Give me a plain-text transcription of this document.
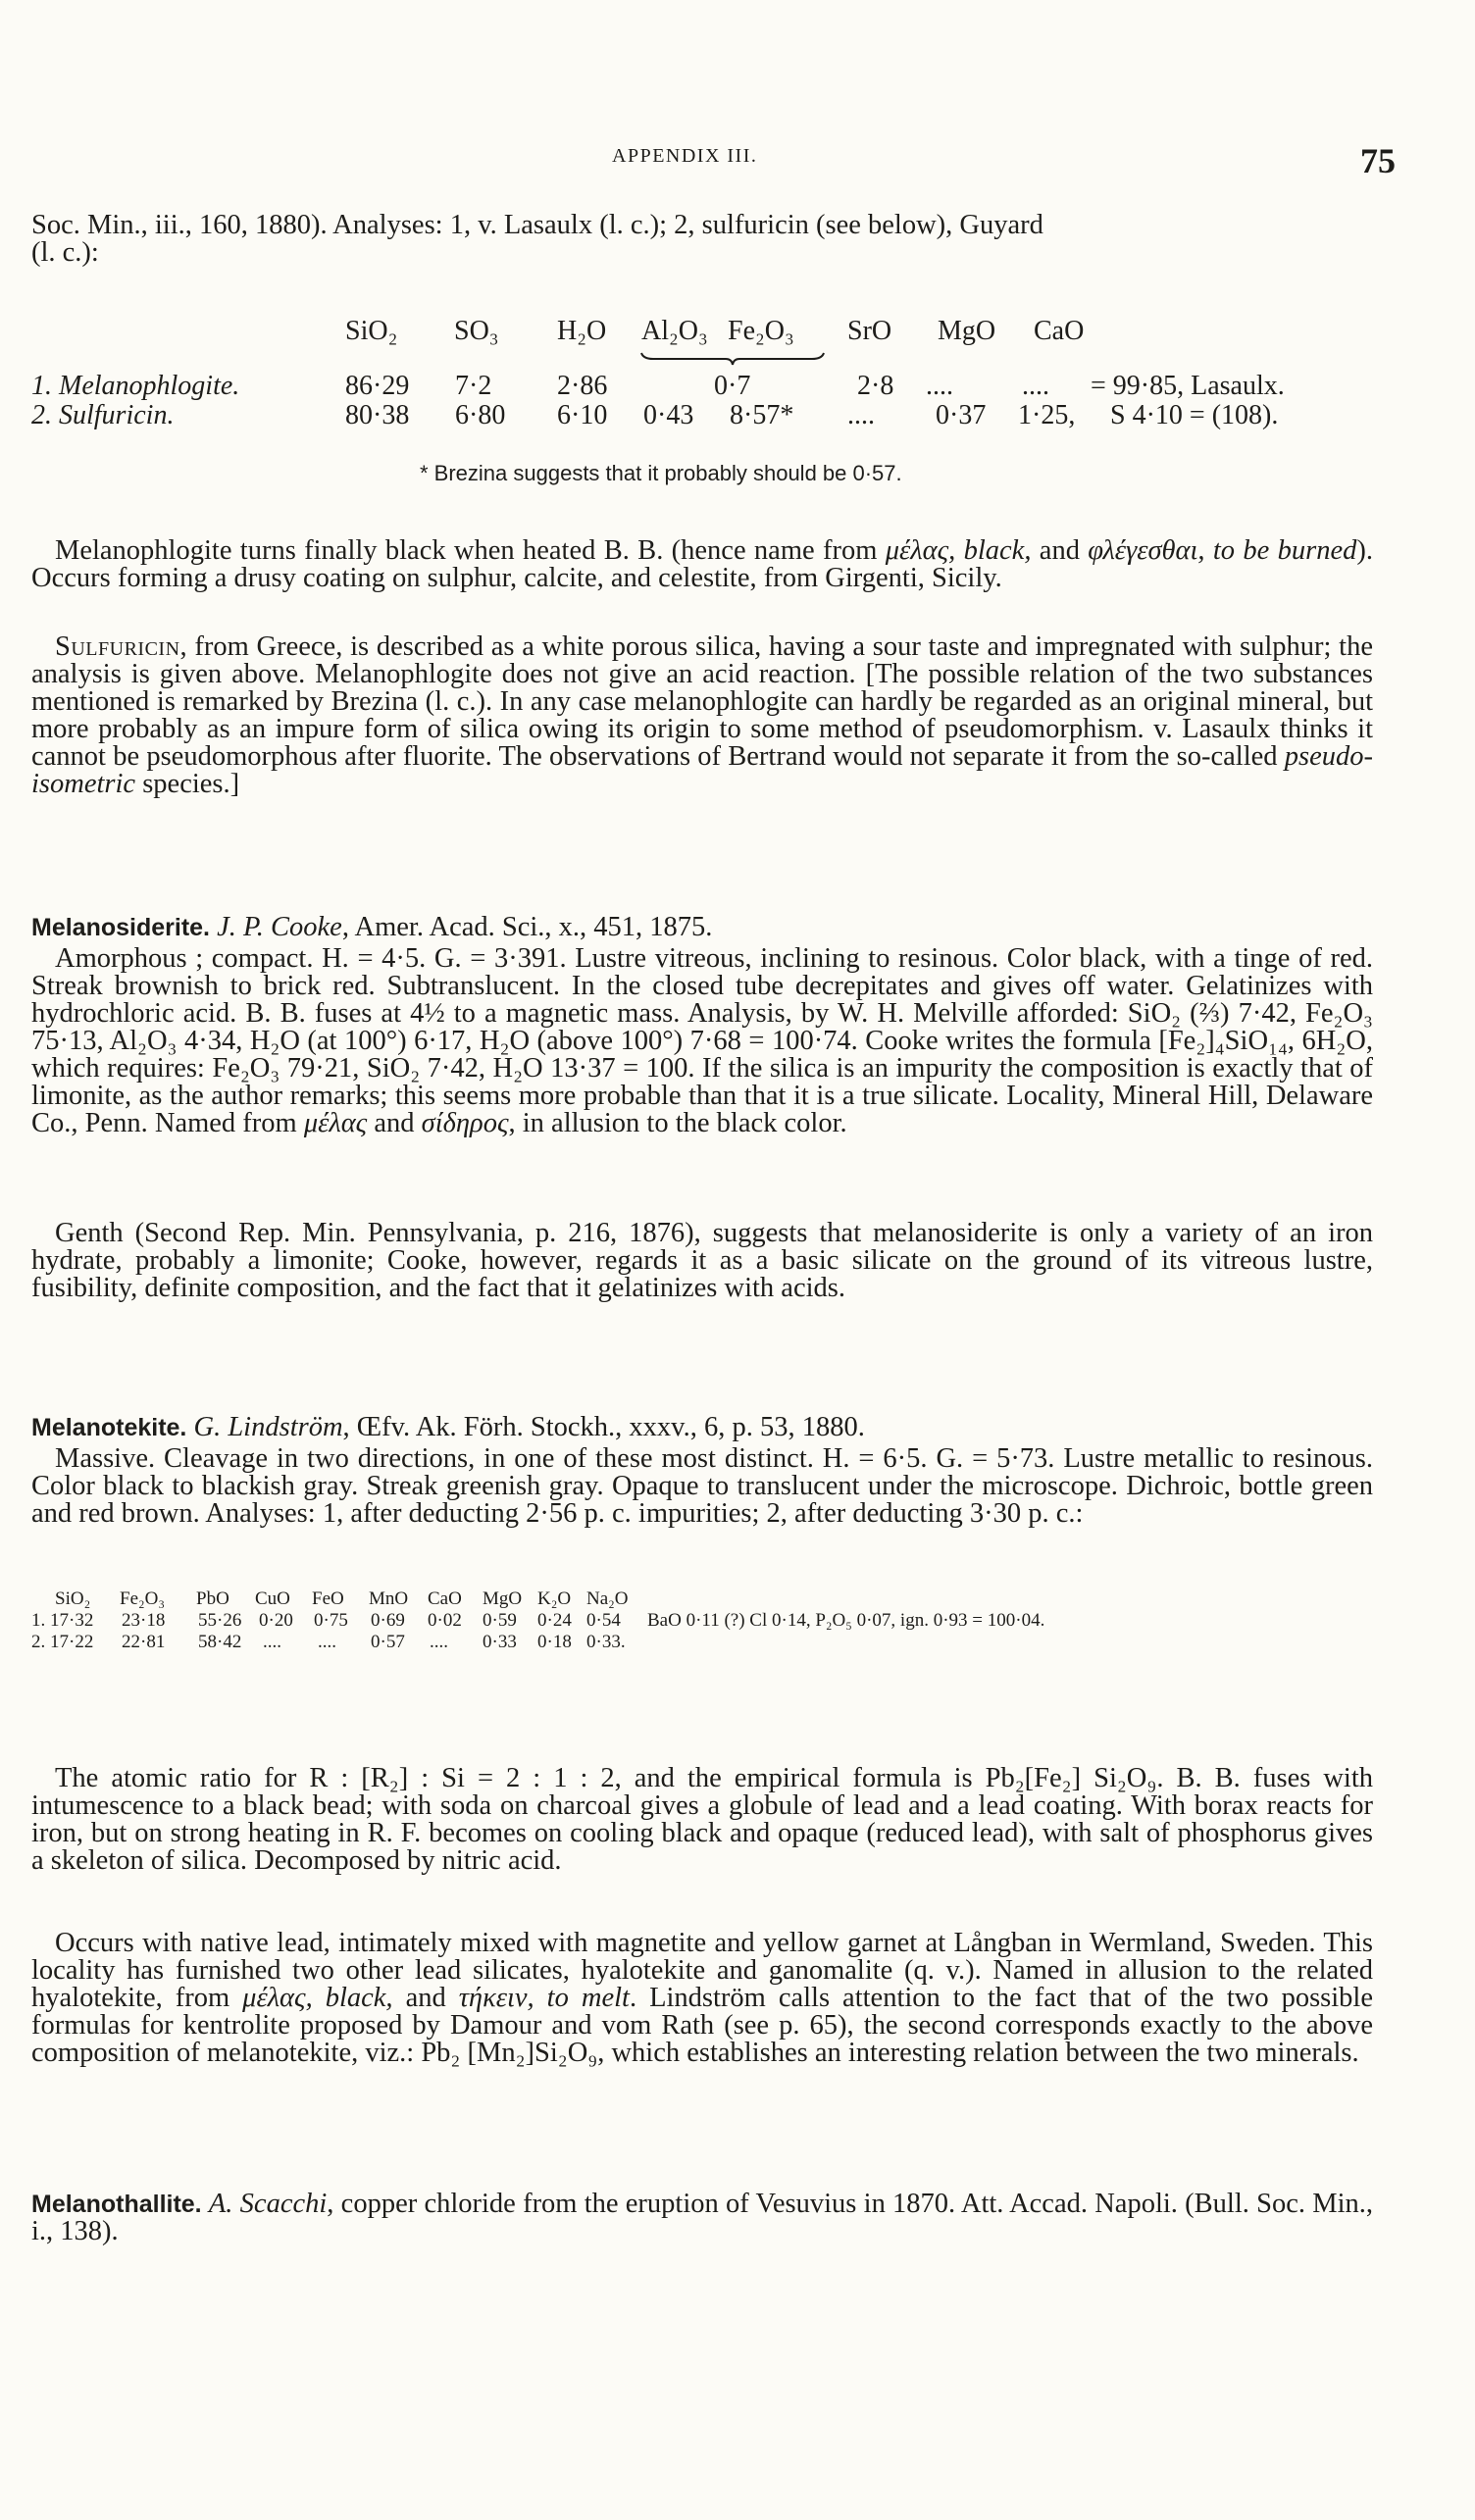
APPENDIX III.	75

Soc. Min., iii., 160, 1880). Analyses: 1, v. Lasaulx (l. c.); 2, sulfuricin (see below), Guyard
(l. c.):

SiO₂ SO₃ H₂O Al₂O₃ Fe₂O₃ SrO MgO CaO
1. Melanophlogite.	86·29 7·2 2·86	0·7	2·8 ....	.... = 99·85, Lasaulx.
2. Sulfuricin.	80·38 6·80 6·10 0·43 8·57* .... 0·37 1·25, S 4·10 = (108).
* Brezina suggests that it probably should be 0·57.

Melanophlogite turns finally black when heated B. B. (hence name from μέλας, black, and φλέγεσθαι, to be burned). Occurs forming a drusy coating on sulphur, calcite, and celestite, from Girgenti, Sicily.

Sulfuricin, from Greece, is described as a white porous silica, having a sour taste and impregnated with sulphur; the analysis is given above. Melanophlogite does not give an acid reaction. [The possible relation of the two substances mentioned is remarked by Brezina (l. c.). In any case melanophlogite can hardly be regarded as an original mineral, but more probably as an impure form of silica owing its origin to some method of pseudomorphism. v. Lasaulx thinks it cannot be pseudomorphous after fluorite. The observations of Bertrand would not separate it from the so-called pseudo-isometric species.]

Melanosiderite. J. P. Cooke, Amer. Acad. Sci., x., 451, 1875.

Amorphous ; compact. H. = 4·5. G. = 3·391. Lustre vitreous, inclining to resinous. Color black, with a tinge of red. Streak brownish to brick red. Subtranslucent. In the closed tube decrepitates and gives off water. Gelatinizes with hydrochloric acid. B. B. fuses at 4½ to a magnetic mass. Analysis, by W. H. Melville afforded: SiO₂ (⅔) 7·42, Fe₂O₃ 75·13, Al₂O₃ 4·34, H₂O (at 100°) 6·17, H₂O (above 100°) 7·68 = 100·74. Cooke writes the formula [Fe₂]₄SiO₁₄, 6H₂O, which requires: Fe₂O₃ 79·21, SiO₂ 7·42, H₂O 13·37 = 100. If the silica is an impurity the composition is exactly that of limonite, as the author remarks; this seems more probable than that it is a true silicate. Locality, Mineral Hill, Delaware Co., Penn. Named from μέλας and σίδηρος, in allusion to the black color.

Genth (Second Rep. Min. Pennsylvania, p. 216, 1876), suggests that melanosiderite is only a variety of an iron hydrate, probably a limonite; Cooke, however, regards it as a basic silicate on the ground of its vitreous lustre, fusibility, definite composition, and the fact that it gelatinizes with acids.

Melanotekite. G. Lindström, Œfv. Ak. Förh. Stockh., xxxv., 6, p. 53, 1880.

Massive. Cleavage in two directions, in one of these most distinct. H. = 6·5. G. = 5·73. Lustre metallic to resinous. Color black to blackish gray. Streak greenish gray. Opaque to translucent under the microscope. Dichroic, bottle green and red brown. Analyses: 1, after deducting 2·56 p. c. impurities; 2, after deducting 3·30 p. c.:

SiO₂ Fe₂O₃ PbO CuO FeO MnO CaO MgO K₂O Na₂O
1. 17·32 23·18 55·26 0·20 0·75 0·69 0·02 0·59 0·24 0·54 BaO 0·11 (?) Cl 0·14, P₂O₅ 0·07, ign. 0·93 = 100·04.
2. 17·22 22·81 58·42 .... .... 0·57 .... 0·33 0·18 0·33.

The atomic ratio for R : [R₂] : Si = 2 : 1 : 2, and the empirical formula is Pb₂[Fe₂] Si₂O₉. B. B. fuses with intumescence to a black bead; with soda on charcoal gives a globule of lead and a lead coating. With borax reacts for iron, but on strong heating in R. F. becomes on cooling black and opaque (reduced lead), with salt of phosphorus gives a skeleton of silica. Decomposed by nitric acid.

Occurs with native lead, intimately mixed with magnetite and yellow garnet at Långban in Wermland, Sweden. This locality has furnished two other lead silicates, hyalotekite and ganomalite (q. v.). Named in allusion to the related hyalotekite, from μέλας, black, and τήκειν, to melt. Lindström calls attention to the fact that of the two possible formulas for kentrolite proposed by Damour and vom Rath (see p. 65), the second corresponds exactly to the above composition of melanotekite, viz.: Pb₂ [Mn₂]Si₂O₉, which establishes an interesting relation between the two minerals.

Melanothallite. A. Scacchi, copper chloride from the eruption of Vesuvius in 1870. Att. Accad. Napoli. (Bull. Soc. Min., i., 138).
